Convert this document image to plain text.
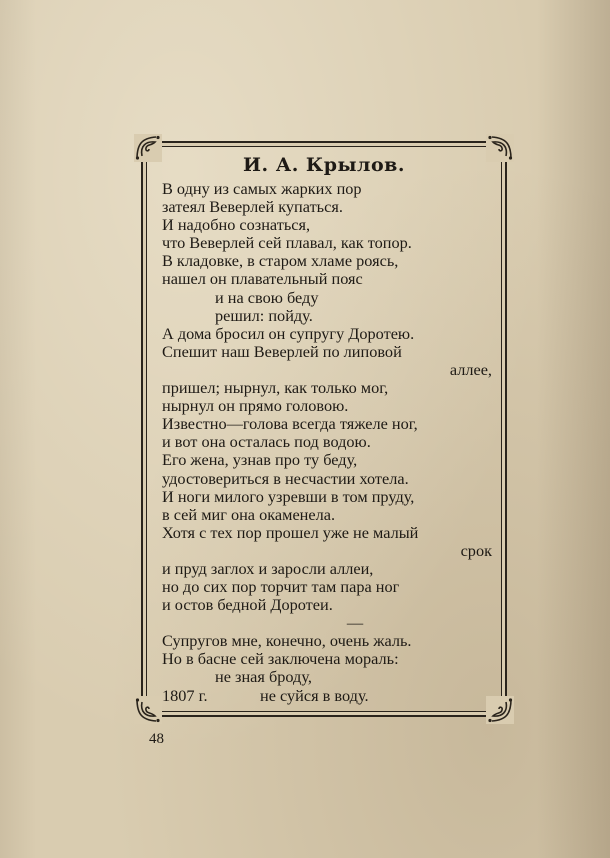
И. А. Крылов.
В одну из самых жарких пор
затеял Веверлей купаться.
И надобно сознаться,
что Веверлей сей плавал, как топор.
В кладовке, в старом хламе роясь,
нашел он плавательный пояс
и на свою беду
решил: пойду.
А дома бросил он супругу Доротею.
Спешит наш Веверлей по липовой
аллее,
пришел; нырнул, как только мог,
нырнул он прямо головою.
Известно—голова всегда тяжеле ног,
и вот она осталась под водою.
Его жена, узнав про ту беду,
удостовериться в несчастии хотела.
И ноги милого узревши в том пруду,
в сей миг она окаменела.
Хотя с тех пор прошел уже не малый
срок
и пруд заглох и заросли аллеи,
но до сих пор торчит там пара ног
и остов бедной Доротеи.
—
Супругов мне, конечно, очень жаль.
Но в басне сей заключена мораль:
не зная броду,
1807 г.	не суйся в воду.
48
